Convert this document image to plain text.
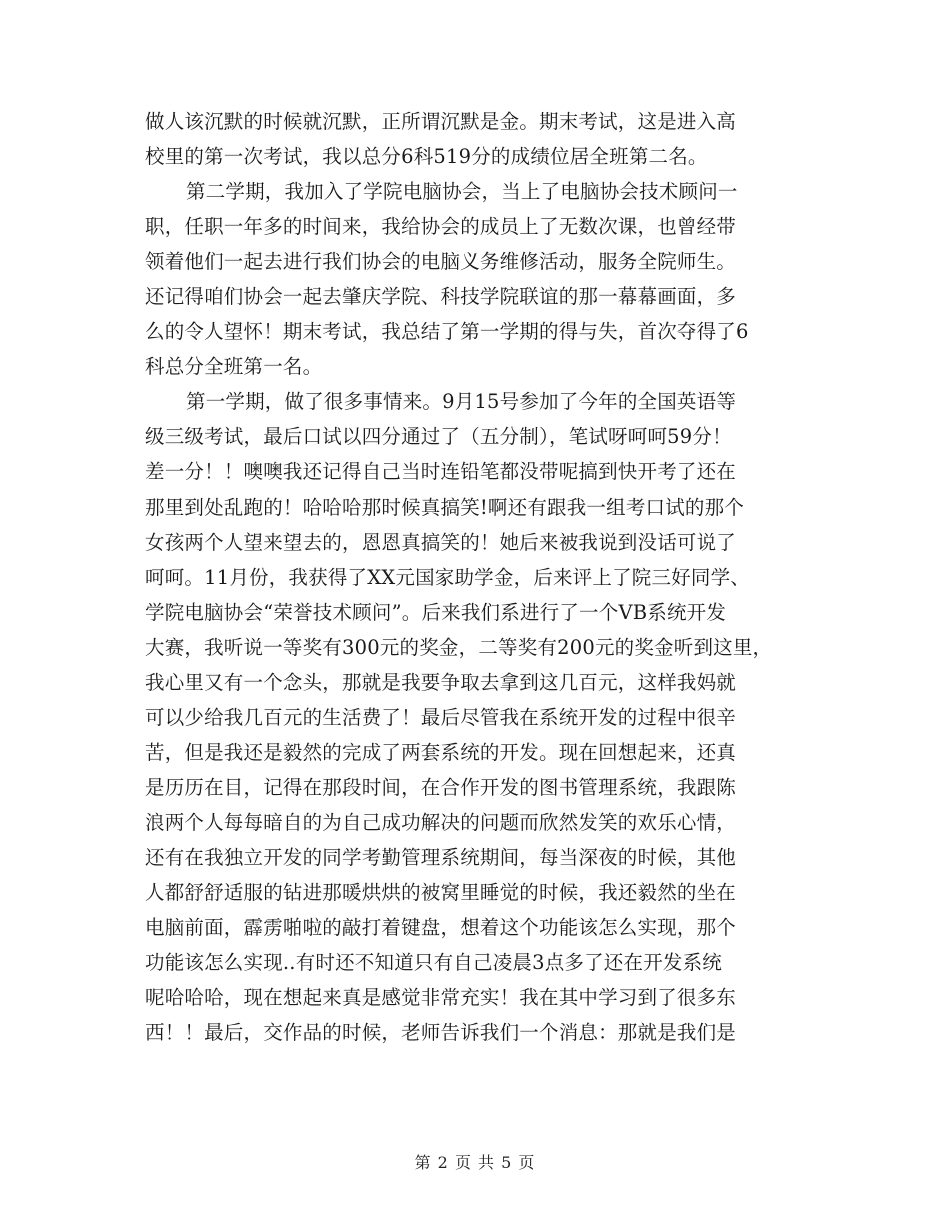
做人该沉默的时候就沉默，正所谓沉默是金。期末考试，这是进入高
校里的第一次考试，我以总分6科519分的成绩位居全班第二名。
第二学期，我加入了学院电脑协会，当上了电脑协会技术顾问一
职，任职一年多的时间来，我给协会的成员上了无数次课，也曾经带
领着他们一起去进行我们协会的电脑义务维修活动，服务全院师生。
还记得咱们协会一起去肇庆学院、科技学院联谊的那一幕幕画面，多
么的令人望怀！期末考试，我总结了第一学期的得与失，首次夺得了6
科总分全班第一名。
第一学期，做了很多事情来。9月15号参加了今年的全国英语等
级三级考试，最后口试以四分通过了（五分制），笔试呀呵呵59分！
差一分！！噢噢我还记得自己当时连铅笔都没带呢搞到快开考了还在
那里到处乱跑的！哈哈哈那时候真搞笑!啊还有跟我一组考口试的那个
女孩两个人望来望去的，恩恩真搞笑的！她后来被我说到没话可说了
呵呵。11月份，我获得了XX元国家助学金，后来评上了院三好同学、
学院电脑协会“荣誉技术顾问”。后来我们系进行了一个VB系统开发
大赛，我听说一等奖有300元的奖金，二等奖有200元的奖金听到这里，
我心里又有一个念头，那就是我要争取去拿到这几百元，这样我妈就
可以少给我几百元的生活费了！最后尽管我在系统开发的过程中很辛
苦，但是我还是毅然的完成了两套系统的开发。现在回想起来，还真
是历历在目，记得在那段时间，在合作开发的图书管理系统，我跟陈
浪两个人每每暗自的为自己成功解决的问题而欣然发笑的欢乐心情，
还有在我独立开发的同学考勤管理系统期间，每当深夜的时候，其他
人都舒舒适服的钻进那暖烘烘的被窝里睡觉的时候，我还毅然的坐在
电脑前面，霹雳啪啦的敲打着键盘，想着这个功能该怎么实现，那个
功能该怎么实现..有时还不知道只有自己凌晨3点多了还在开发系统
呢哈哈哈，现在想起来真是感觉非常充实！我在其中学习到了很多东
西！！最后，交作品的时候，老师告诉我们一个消息：那就是我们是
第 2 页 共 5 页
